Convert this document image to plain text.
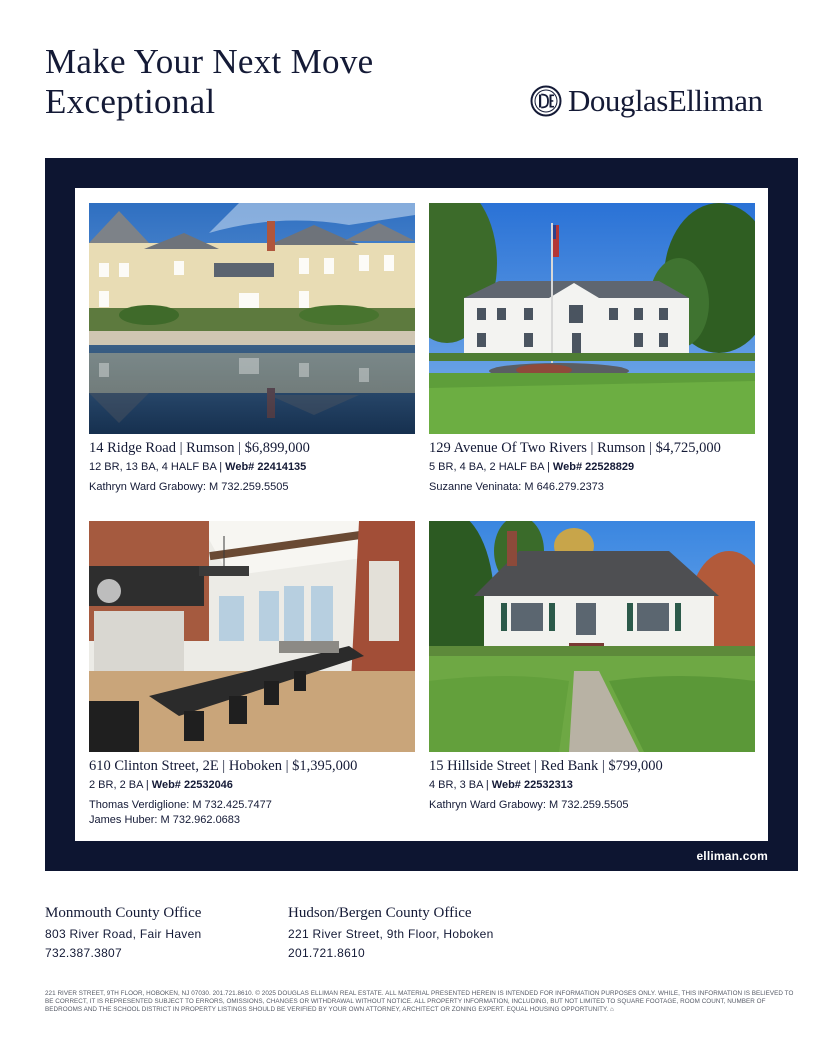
Make Your Next Move
Exceptional	DouglasElliman
14 Ridge Road | Rumson | $6,899,000
12 BR, 13 BA, 4 HALF BA | Web# 22414135
Kathryn Ward Grabowy: M 732.259.5505
129 Avenue Of Two Rivers | Rumson | $4,725,000
5 BR, 4 BA, 2 HALF BA | Web# 22528829
Suzanne Veninata: M 646.279.2373
610 Clinton Street, 2E | Hoboken | $1,395,000
2 BR, 2 BA | Web# 22532046
Thomas Verdiglione: M 732.425.7477
James Huber: M 732.962.0683
15 Hillside Street | Red Bank | $799,000
4 BR, 3 BA | Web# 22532313
Kathryn Ward Grabowy: M 732.259.5505
elliman.com
Monmouth County Office
803 River Road, Fair Haven
732.387.3807
Hudson/Bergen County Office
221 River Street, 9th Floor, Hoboken
201.721.8610
221 RIVER STREET, 9TH FLOOR, HOBOKEN, NJ 07030. 201.721.8610. © 2025 DOUGLAS ELLIMAN REAL ESTATE. ALL MATERIAL PRESENTED HEREIN IS INTENDED FOR INFORMATION PURPOSES ONLY. WHILE, THIS INFORMATION IS BELIEVED TO BE CORRECT, IT IS REPRESENTED SUBJECT TO ERRORS, OMISSIONS, CHANGES OR WITHDRAWAL WITHOUT NOTICE. ALL PROPERTY INFORMATION, INCLUDING, BUT NOT LIMITED TO SQUARE FOOTAGE, ROOM COUNT, NUMBER OF BEDROOMS AND THE SCHOOL DISTRICT IN PROPERTY LISTINGS SHOULD BE VERIFIED BY YOUR OWN ATTORNEY, ARCHITECT OR ZONING EXPERT. EQUAL HOUSING OPPORTUNITY. ⌂
